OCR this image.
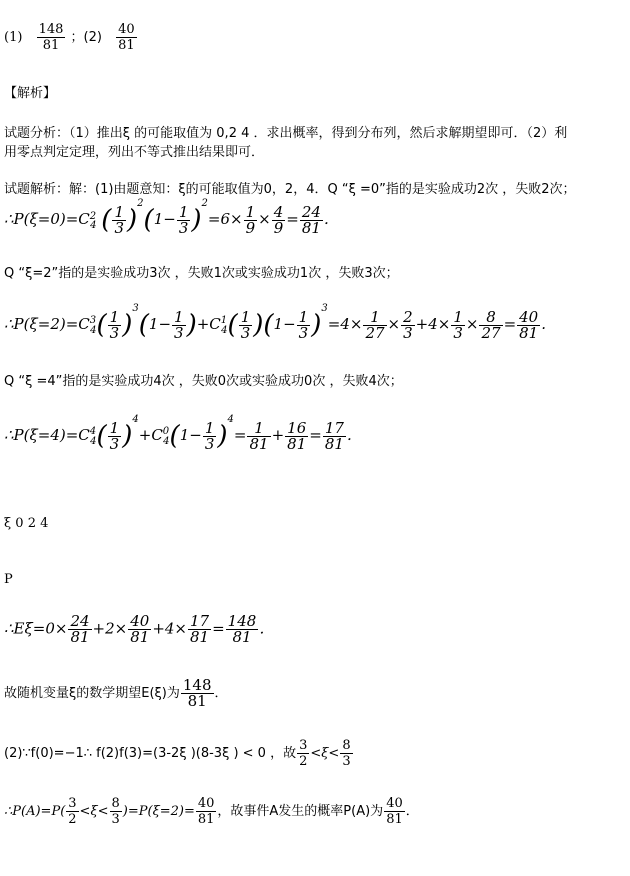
$(1) \frac{148}{81}$ ；$(2) \frac{40}{81}$
【解析】
试题分析：（1）推出ξ 的可能取值为 0,2 4 ．求出概率，得到分布列，然后求解期望即可．（2）利
用零点判定定理，列出不等式推出结果即可．
试题解析：解：(1)由题意知：ξ的可能取值为0，2，4．Q “ξ =0”指的是实验成功2次 ，失败2次；
$\therefore P(\xi=0)=C^2_4$ ( $\frac{1}{3} )^2(1- \frac{1}{3} )^2=6\times \frac{1}{9} \times \frac{4}{9} = \frac{24}{81}$ ．
Q “ξ=2”指的是实验成功3次 ，失败1次或实验成功1次 ，失败3次；
$\therefore P(\xi=2)=C^3_4( \frac{1}{3} )^3(1- \frac{1}{3} )+C^1_4( \frac{1}{3} )(1- \frac{1}{3} )^3=4\times \frac{1}{27} \times \frac{2}{3} +4\times \frac{1}{3} \times \frac{8}{27} = \frac{40}{81}$ .
Q “ξ =4”指的是实验成功4次 ，失败0次或实验成功0次 ，失败4次；
$\therefore P(\xi=4)=C^4_4( \frac{1}{3} )^4+C^0_4(1- \frac{1}{3} )^4= \frac{1}{81} + \frac{16}{81} = \frac{17}{81}$ ．
ξ 0 2 4
P
∴Eξ=0× $\frac{24}{81} +2\times \frac{40}{81} +4\times \frac{17}{81} = \frac{148}{81}$ ．
故随机变量ξ的数学期望E(ξ)为 $\frac{148}{81}$ ．
(2)∵f(0)=−1∴ f(2)f(3)=(3-2ξ )(8-3ξ ) < 0 ，故 $\frac{3}{2} <\xi< \frac{8}{3}$
∴P(A)=P( $\frac{3}{2} <\xi< \frac{8}{3} )=P(\xi=2)= \frac{40}{81}$ ，故事件A发生的概率P(A)为 $\frac{40}{81}$ ．
